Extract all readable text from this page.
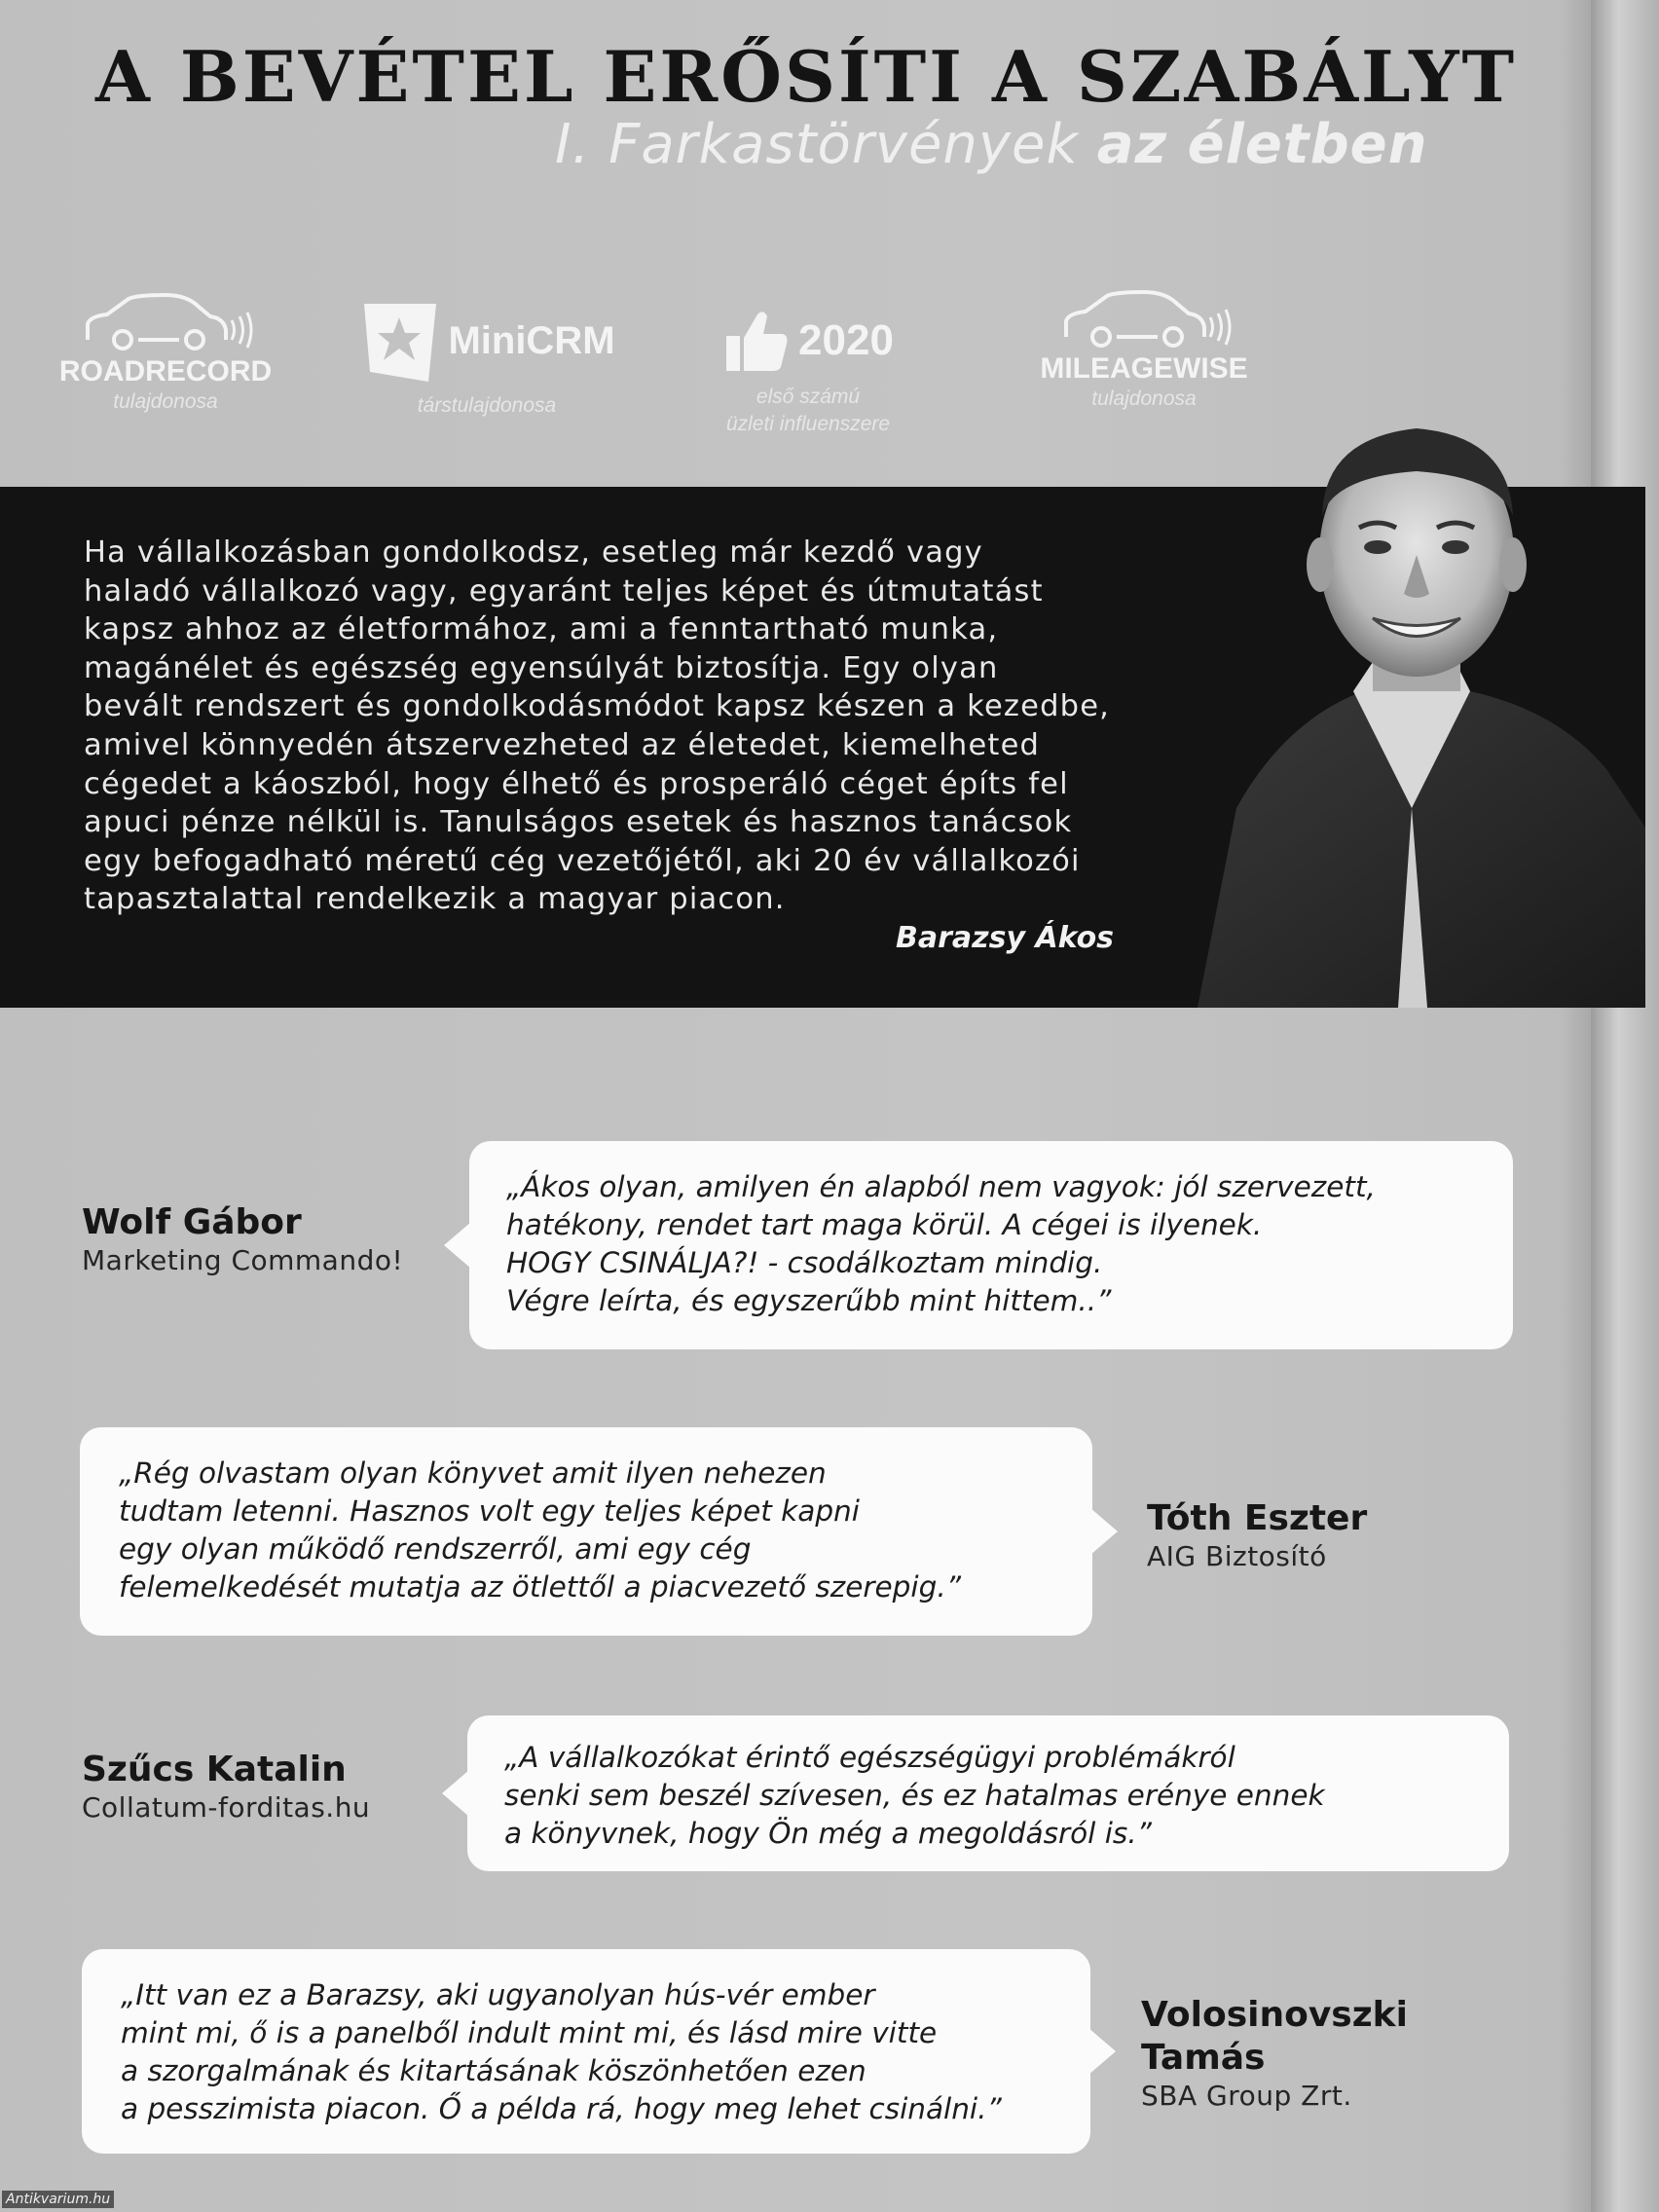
A BEVÉTEL ERŐSÍTI A SZABÁLYT
I. Farkastörvények az életben
ROADRECORD
tulajdonosa
MiniCRM
társtulajdonosa
2020
első számú
üzleti influenszere
MILEAGEWISE
tulajdonosa
Ha vállalkozásban gondolkodsz, esetleg már kezdő vagy
haladó vállalkozó vagy, egyaránt teljes képet és útmutatást
kapsz ahhoz az életformához, ami a fenntartható munka,
magánélet és egészség egyensúlyát biztosítja. Egy olyan
bevált rendszert és gondolkodásmódot kapsz készen a kezedbe,
amivel könnyedén átszervezheted az életedet, kiemelheted
cégedet a káoszból, hogy élhető és prosperáló céget építs fel
apuci pénze nélkül is. Tanulságos esetek és hasznos tanácsok
egy befogadható méretű cég vezetőjétől, aki 20 év vállalkozói
tapasztalattal rendelkezik a magyar piacon.
Barazsy Ákos
Wolf Gábor
Marketing Commando!
„Ákos olyan, amilyen én alapból nem vagyok: jól szervezett,
hatékony, rendet tart maga körül. A cégei is ilyenek.
HOGY CSINÁLJA?! - csodálkoztam mindig.
Végre leírta, és egyszerűbb mint hittem..”
„Rég olvastam olyan könyvet amit ilyen nehezen
tudtam letenni. Hasznos volt egy teljes képet kapni
egy olyan működő rendszerről, ami egy cég
felemelkedését mutatja az ötlettől a piacvezető szerepig.”
Tóth Eszter
AIG Biztosító
Szűcs Katalin
Collatum-forditas.hu
„A vállalkozókat érintő egészségügyi problémákról
senki sem beszél szívesen, és ez hatalmas erénye ennek
a könyvnek, hogy Ön még a megoldásról is.”
„Itt van ez a Barazsy, aki ugyanolyan hús-vér ember
mint mi, ő is a panelből indult mint mi, és lásd mire vitte
a szorgalmának és kitartásának köszönhetően ezen
a pesszimista piacon. Ő a példa rá, hogy meg lehet csinálni.”
Volosinovszki
Tamás
SBA Group Zrt.
Antikvarium.hu
